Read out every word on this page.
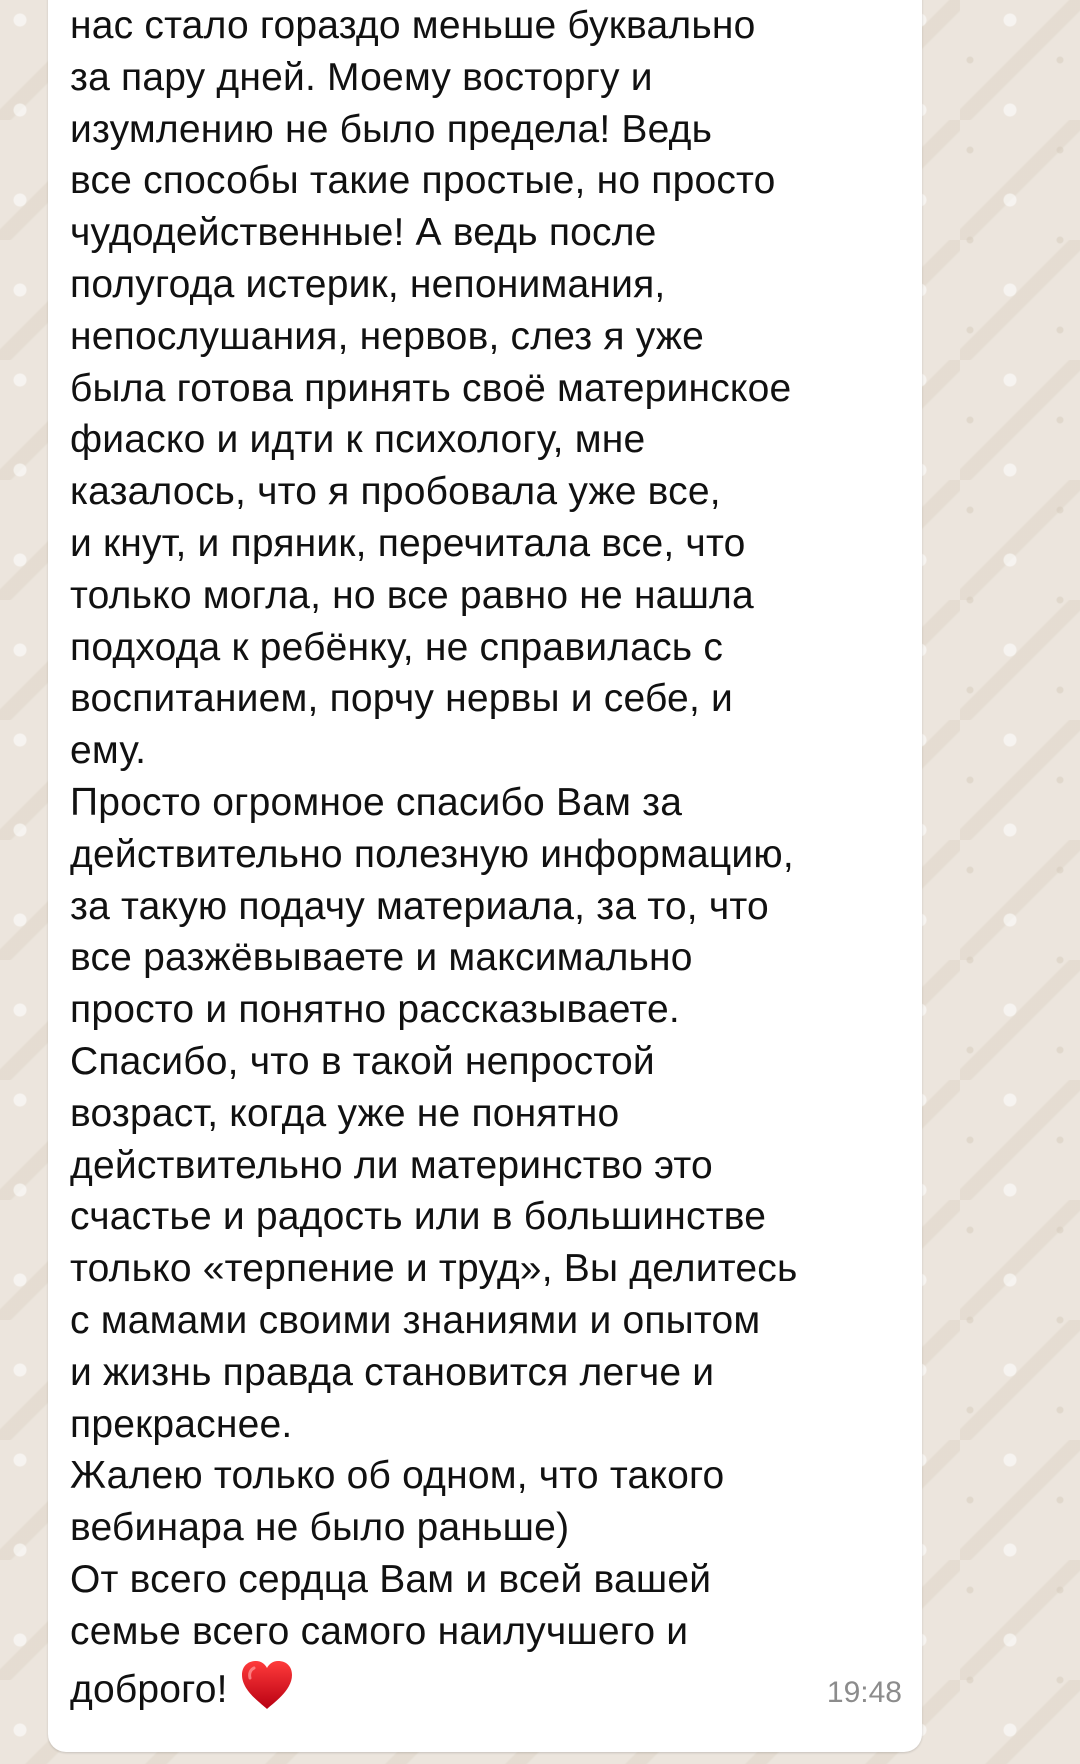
нас стало гораздо меньше буквально
за пару дней. Моему восторгу и
изумлению не было предела! Ведь
все способы такие простые, но просто
чудодейственные! А ведь после
полугода истерик, непонимания,
непослушания, нервов, слез я уже
была готова принять своё материнское
фиаско и идти к психологу, мне
казалось, что я пробовала уже все,
и кнут, и пряник, перечитала все, что
только могла, но все равно не нашла
подхода к ребёнку, не справилась с
воспитанием, порчу нервы и себе, и
ему.
Просто огромное спасибо Вам за
действительно полезную информацию,
за такую подачу материала, за то, что
все разжёвываете и максимально
просто и понятно рассказываете.
Спасибо, что в такой непростой
возраст, когда уже не понятно
действительно ли материнство это
счастье и радость или в большинстве
только «терпение и труд», Вы делитесь
с мамами своими знаниями и опытом
и жизнь правда становится легче и
прекраснее.
Жалею только об одном, что такого
вебинара не было раньше)
От всего сердца Вам и всей вашей
семье всего самого наилучшего и
доброго!	19:48
